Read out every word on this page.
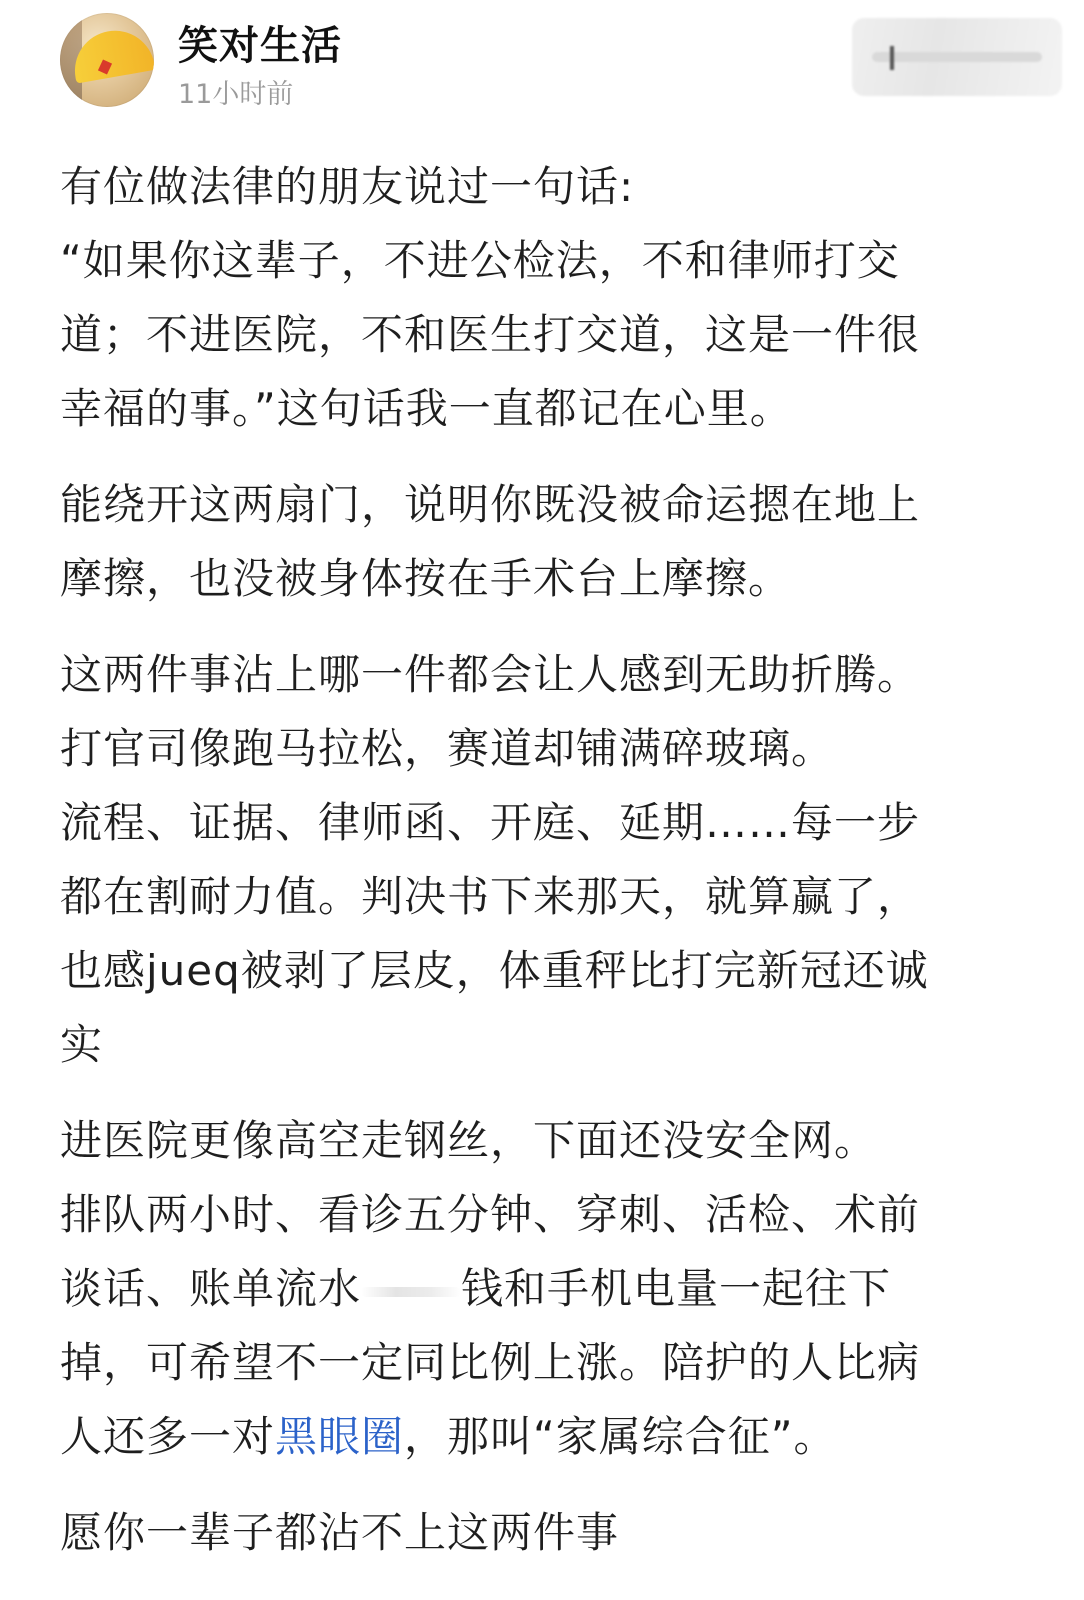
笑对生活
11小时前

有位做法律的朋友说过一句话:
“如果你这辈子，不进公检法，不和律师打交
道；不进医院，不和医生打交道，这是一件很
幸福的事。”这句话我一直都记在心里。

能绕开这两扇门，说明你既没被命运摁在地上
摩擦，也没被身体按在手术台上摩擦。

这两件事沾上哪一件都会让人感到无助折腾。
打官司像跑马拉松，赛道却铺满碎玻璃。
流程、证据、律师函、开庭、延期……每一步
都在割耐力值。判决书下来那天，就算赢了，
也感jueq被剥了层皮，体重秤比打完新冠还诚
实

进医院更像高空走钢丝，下面还没安全网。
排队两小时、看诊五分钟、穿刺、活检、术前
谈话、账单流水 钱和手机电量一起往下
掉，可希望不一定同比例上涨。陪护的人比病
人还多一对黑眼圈，那叫“家属综合征”。

愿你一辈子都沾不上这两件事
